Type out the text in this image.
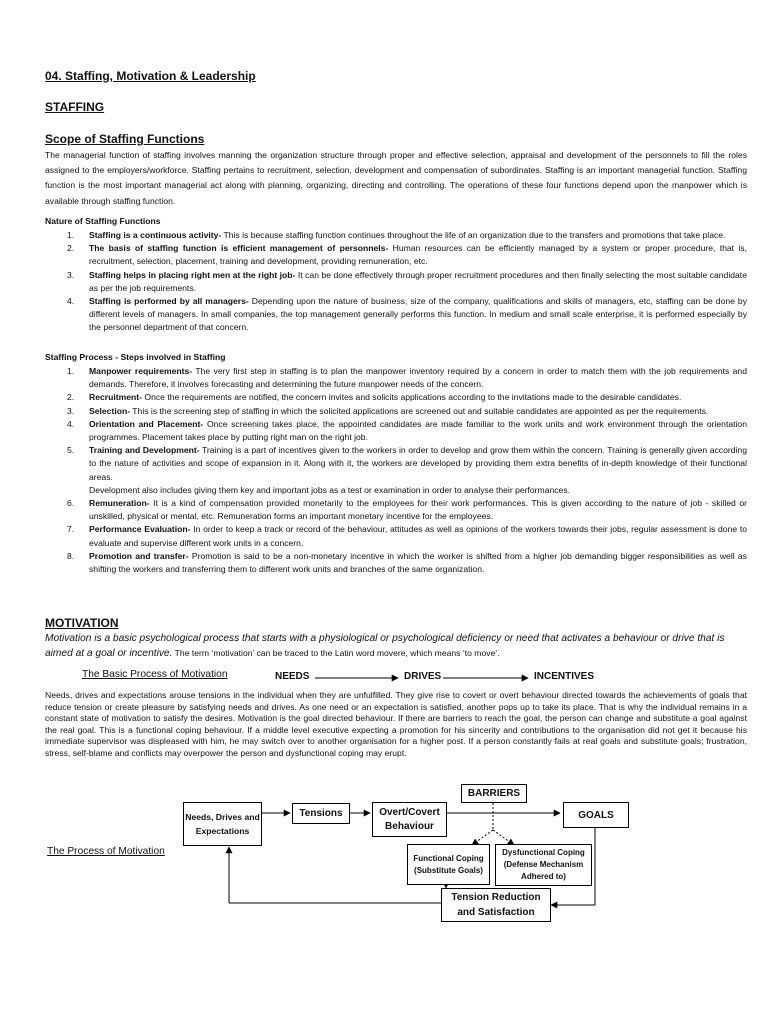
04. Staffing, Motivation & Leadership
STAFFING
Scope of Staffing Functions

The managerial function of staffing involves manning the organization structure through proper and effective selection, appraisal and development of the personnels to fill the roles assigned to the employers/workforce. Staffing pertains to recruitment, selection, development and compensation of subordinates. Staffing is an important managerial function. Staffing function is the most important managerial act along with planning, organizing, directing and controlling. The operations of these four functions depend upon the manpower which is available through staffing function.

Nature of Staffing Functions
1. Staffing is a continuous activity- This is because staffing function continues throughout the life of an organization due to the transfers and promotions that take place.
2. The basis of staffing function is efficient management of personnels- Human resources can be efficiently managed by a system or proper procedure, that is, recruitment, selection, placement, training and development, providing remuneration, etc.
3. Staffing helps in placing right men at the right job- It can be done effectively through proper recruitment procedures and then finally selecting the most suitable candidate as per the job requirements.
4. Staffing is performed by all managers- Depending upon the nature of business, size of the company, qualifications and skills of managers, etc, staffing can be done by different levels of managers. In small companies, the top management generally performs this function. In medium and small scale enterprise, it is performed especially by the personnel department of that concern.
Staffing Process - Steps involved in Staffing
1. Manpower requirements- The very first step in staffing is to plan the manpower inventory required by a concern in order to match them with the job requirements and demands. Therefore, it involves forecasting and determining the future manpower needs of the concern.
2. Recruitment- Once the requirements are notified, the concern invites and solicits applications according to the invitations made to the desirable candidates.
3. Selection- This is the screening step of staffing in which the solicited applications are screened out and suitable candidates are appointed as per the requirements.
4. Orientation and Placement- Once screening takes place, the appointed candidates are made familiar to the work units and work environment through the orientation programmes. Placement takes place by putting right man on the right job.
5. Training and Development- Training is a part of incentives given to the workers in order to develop and grow them within the concern. Training is generally given according to the nature of activities and scope of expansion in it. Along with it, the workers are developed by providing them extra benefits of in-depth knowledge of their functional areas.
Development also includes giving them key and important jobs as a test or examination in order to analyse their performances.
6. Remuneration- It is a kind of compensation provided monetarily to the employees for their work performances. This is given according to the nature of job - skilled or unskilled, physical or mental, etc. Remuneration forms an important monetary incentive for the employees.
7. Performance Evaluation- In order to keep a track or record of the behaviour, attitudes as well as opinions of the workers towards their jobs, regular assessment is done to evaluate and supervise different work units in a concern.
8. Promotion and transfer- Promotion is said to be a non-monetary incentive in which the worker is shifted from a higher job demanding bigger responsibilities as well as shifting the workers and transferring them to different work units and branches of the same organization.
MOTIVATION

Motivation is a basic psychological process that starts with a physiological or psychological deficiency or need that activates a behaviour or drive that is aimed at a goal or incentive. The term ‘motivation’ can be traced to the Latin word movere, which means ‘to move’.

The Basic Process of Motivation	NEEDS	DRIVES	INCENTIVES

Needs, drives and expectations arouse tensions in the individual when they are unfulfilled. They give rise to covert or overt behaviour directed towards the achievements of goals that reduce tension or create pleasure by satisfying needs and drives. As one need or an expectation is satisfied, another pops up to take its place. That is why the individual remains in a constant state of motivation to satisfy the desires. Motivation is the goal directed behaviour. If there are barriers to reach the goal, the person can change and substitute a goal against the real goal. This is a functional coping behaviour. If a middle level executive expecting a promotion for his sincerity and contributions to the organisation did not get it because his immediate supervisor was displeased with him, he may switch over to another organisation for a higher post. If a person constantly fails at real goals and substitute goals; frustration, stress, self-blame and conflicts may overpower the person and dysfunctional coping may erupt.

The Process of Motivation
BARRIERS
Needs, Drives and Expectations
Tensions	Overt/Covert Behaviour
GOALS
Functional Coping (Substitute Goals)
Dysfunctional Coping (Defense Mechanism Adhered to)
Tension Reduction and Satisfaction
